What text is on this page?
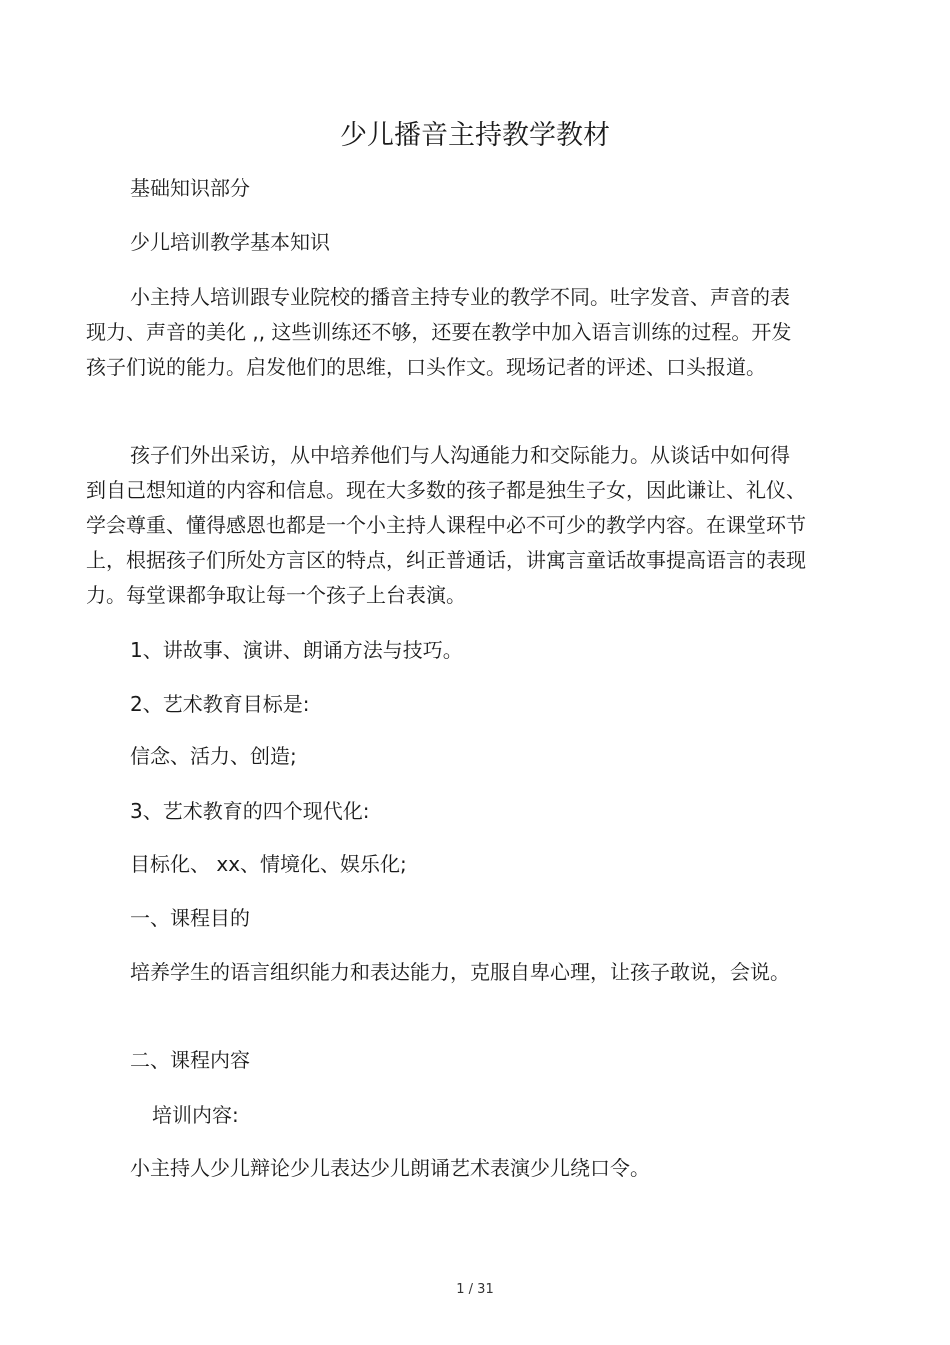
少儿播音主持教学教材
基础知识部分
少儿培训教学基本知识

小主持人培训跟专业院校的播音主持专业的教学不同。吐字发音、声音的表现力、声音的美化 ,, 这些训练还不够，还要在教学中加入语言训练的过程。开发孩子们说的能力。启发他们的思维，口头作文。现场记者的评述、口头报道。

孩子们外出采访，从中培养他们与人沟通能力和交际能力。从谈话中如何得到自己想知道的内容和信息。现在大多数的孩子都是独生子女，因此谦让、礼仪、学会尊重、懂得感恩也都是一个小主持人课程中必不可少的教学内容。在课堂环节上，根据孩子们所处方言区的特点，纠正普通话，讲寓言童话故事提高语言的表现力。每堂课都争取让每一个孩子上台表演。

1、讲故事、演讲、朗诵方法与技巧。
2、艺术教育目标是:
信念、活力、创造;
3、艺术教育的四个现代化:
目标化、 xx、情境化、娱乐化;
一、课程目的

培养学生的语言组织能力和表达能力，克服自卑心理，让孩子敢说，会说。

二、课程内容
培训内容:
小主持人少儿辩论少儿表达少儿朗诵艺术表演少儿绕口令。
1 / 31
